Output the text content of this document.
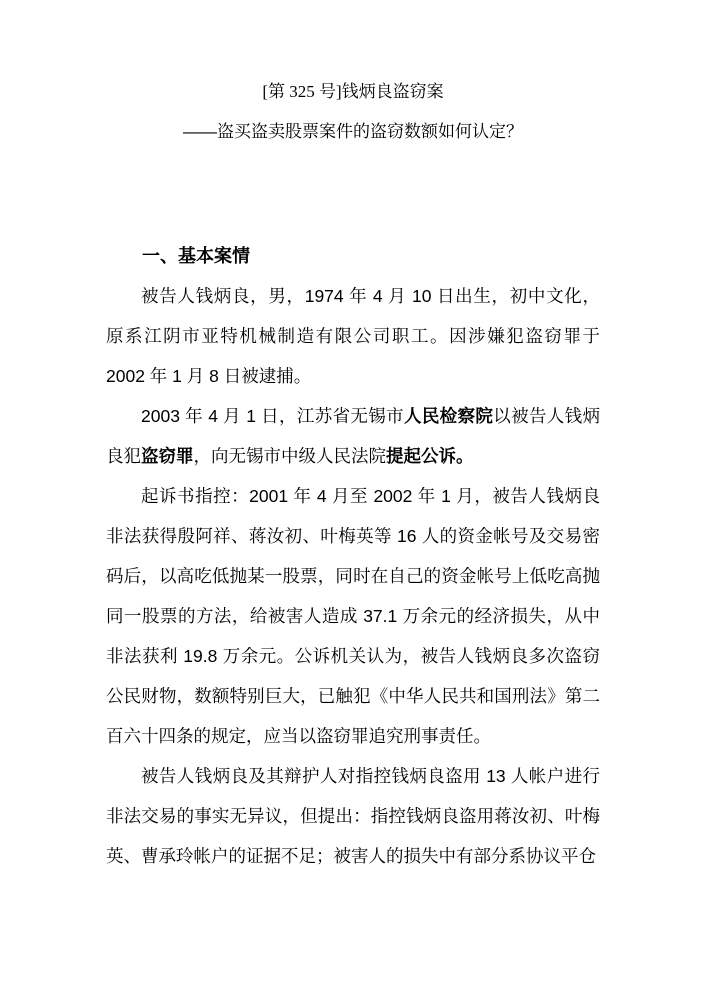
[第 325 号]钱炳良盗窃案
——盗买盗卖股票案件的盗窃数额如何认定？
一、基本案情

被告人钱炳良，男，1974 年 4 月 10 日出生，初中文化，原系江阴市亚特机械制造有限公司职工。因涉嫌犯盗窃罪于 2002 年 1 月 8 日被逮捕。

2003 年 4 月 1 日，江苏省无锡市人民检察院以被告人钱炳良犯盗窃罪，向无锡市中级人民法院提起公诉。

起诉书指控：2001 年 4 月至 2002 年 1 月，被告人钱炳良非法获得殷阿祥、蒋汝初、叶梅英等 16 人的资金帐号及交易密码后，以高吃低抛某一股票，同时在自己的资金帐号上低吃高抛同一股票的方法，给被害人造成 37.1 万余元的经济损失，从中非法获利 19.8 万余元。公诉机关认为，被告人钱炳良多次盗窃公民财物，数额特别巨大，已触犯《中华人民共和国刑法》第二百六十四条的规定，应当以盗窃罪追究刑事责任。

被告人钱炳良及其辩护人对指控钱炳良盗用 13 人帐户进行非法交易的事实无异议，但提出：指控钱炳良盗用蒋汝初、叶梅英、曹承玲帐户的证据不足；被害人的损失中有部分系协议平仓
